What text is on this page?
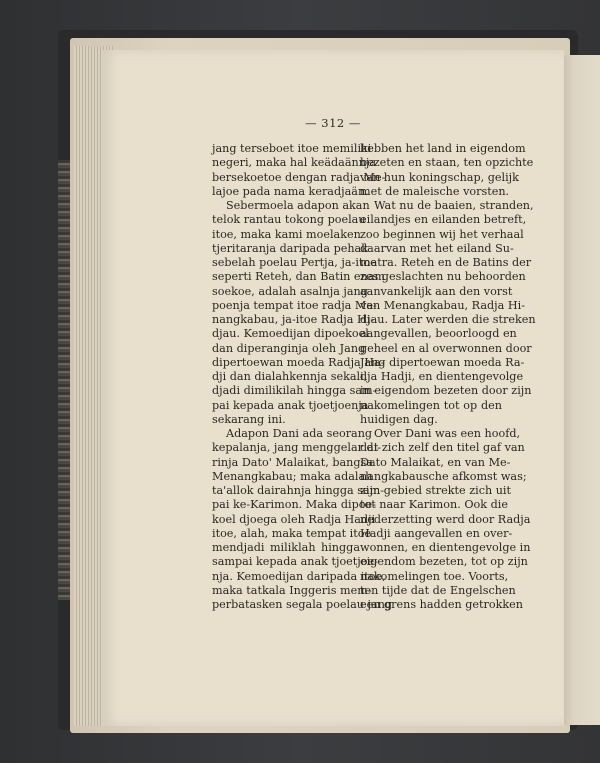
— 312 —
jang terseboet itoe memiliki
negeri, maka hal keädaännja
bersekoetoe dengan radja Me-
lajoe pada nama keradjaän.
Sebermoela adapon akan
telok rantau tokong poelau
itoe, maka kami moelaken
tjeritaranja daripada pehak
sebelah poelau Pertja, ja-itoe
seperti Reteh, dan Batin enam
soekoe, adalah asalnja jang
poenja tempat itoe radja Me-
nangkabau, ja-itoe Radja Hi-
djau. Kemoedijan dipoekoel
dan diperanginja oleh Jang
dipertoewan moeda Radja Ha-
dji dan dialahkennja sekali,
djadi dimilikilah hingga sam-
pai kepada anak tjoetjoenja
sekarang ini.
Adapon Dani ada seorang
kepalanja, jang menggelar di-
rinja Dato' Malaikat, bangsa
Menangkabau; maka adalah
ta'allok dairahnja hingga sam-
pai ke-Karimon. Maka dipoe-
koel djoega oleh Radja Hadji
itoe, alah, maka tempat itoe
mendjadi miliklah hingga
sampai kepada anak tjoetjoe-
nja. Kemoedijan daripada itoe,
maka tatkala Inggeris mem-
perbatasken segala poelau jang
hebben het land in eigendom
bezeten en staan, ten opzichte
van hun koningschap, gelijk
met de maleische vorsten.
Wat nu de baaien, stranden,
eilandjes en eilanden betreft,
zoo beginnen wij het verhaal
daarvan met het eiland Su-
matra. Reteh en de Batins der
zes geslachten nu behoorden
aanvankelijk aan den vorst
van Menangkabau, Radja Hi-
djau. Later werden die streken
aangevallen, beoorloogd en
geheel en al overwonnen door
Jang dipertoewan moeda Ra-
dja Hadji, en dientengevolge
in eigendom bezeten door zijn
nakomelingen tot op den
huidigen dag.
Over Dani was een hoofd,
dat zich zelf den titel gaf van
Dato Malaikat, en van Me-
nangkabausche afkomst was;
zijn gebied strekte zich uit
tot naar Karimon. Ook die
nederzetting werd door Radja
Hadji aangevallen en over-
wonnen, en dientengevolge in
eigendom bezeten, tot op zijn
nakomelingen toe. Voorts,
ten tijde dat de Engelschen
een grens hadden getrokken
